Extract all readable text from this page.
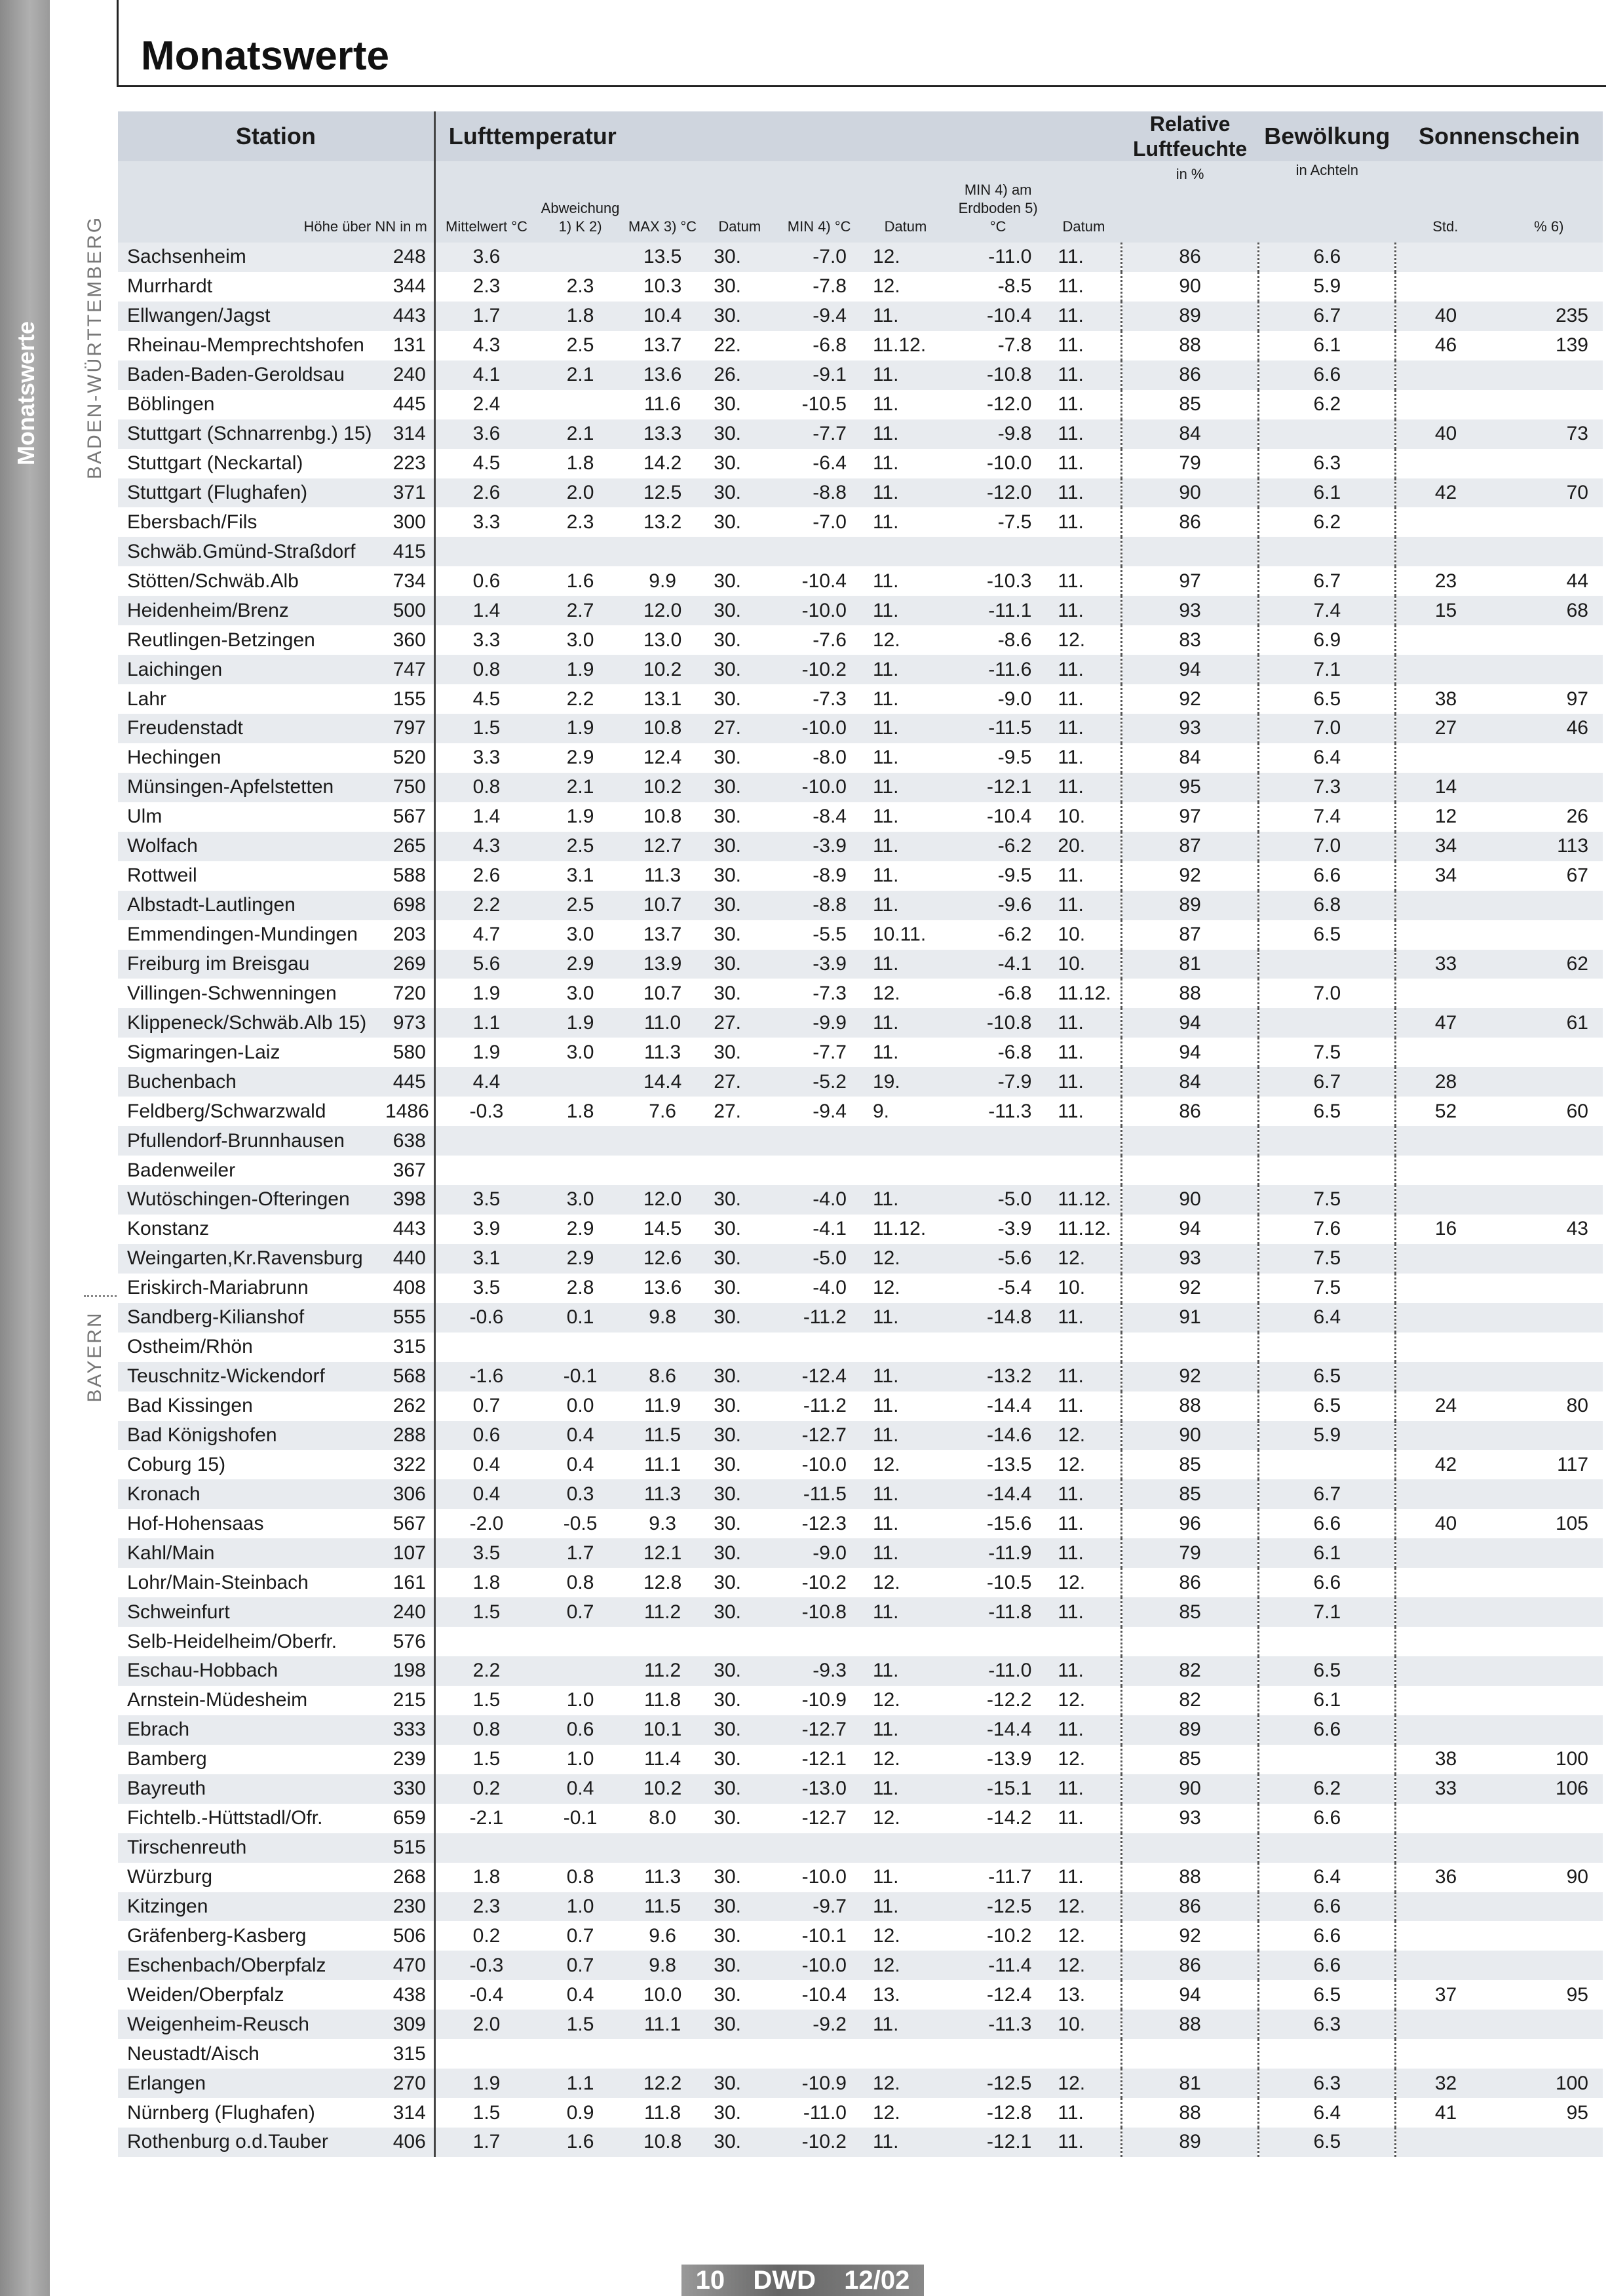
Monatswerte BADEN-WÜRTTEMBERG
BAYERN
Monatswerte
Station		Lufttemperatur								Relative Luftfeuchte	Bewölkung	Sonnenschein	
Höhe über NN in m		Mittelwert °C	Abweichung 1) K 2)	MAX 3) °C	Datum	MIN 4) °C	Datum	MIN 4) am Erdboden 5) °C	Datum	in %	in Achteln	Std.	% 6)
Sachsenheim	248	3.6		13.5	30.	-7.0	12.	-11.0	11.	86	6.6		
Murrhardt	344	2.3	2.3	10.3	30.	-7.8	12.	-8.5	11.	90	5.9		
Ellwangen/Jagst	443	1.7	1.8	10.4	30.	-9.4	11.	-10.4	11.	89	6.7	40	235
Rheinau-Memprechtshofen	131	4.3	2.5	13.7	22.	-6.8	11.12.	-7.8	11.	88	6.1	46	139
Baden-Baden-Geroldsau	240	4.1	2.1	13.6	26.	-9.1	11.	-10.8	11.	86	6.6		
Böblingen	445	2.4		11.6	30.	-10.5	11.	-12.0	11.	85	6.2		
Stuttgart (Schnarrenbg.) 15)	314	3.6	2.1	13.3	30.	-7.7	11.	-9.8	11.	84		40	73
Stuttgart (Neckartal)	223	4.5	1.8	14.2	30.	-6.4	11.	-10.0	11.	79	6.3		
Stuttgart (Flughafen)	371	2.6	2.0	12.5	30.	-8.8	11.	-12.0	11.	90	6.1	42	70
Ebersbach/Fils	300	3.3	2.3	13.2	30.	-7.0	11.	-7.5	11.	86	6.2		
Schwäb.Gmünd-Straßdorf	415												
Stötten/Schwäb.Alb	734	0.6	1.6	9.9	30.	-10.4	11.	-10.3	11.	97	6.7	23	44
Heidenheim/Brenz	500	1.4	2.7	12.0	30.	-10.0	11.	-11.1	11.	93	7.4	15	68
Reutlingen-Betzingen	360	3.3	3.0	13.0	30.	-7.6	12.	-8.6	12.	83	6.9		
Laichingen	747	0.8	1.9	10.2	30.	-10.2	11.	-11.6	11.	94	7.1		
Lahr	155	4.5	2.2	13.1	30.	-7.3	11.	-9.0	11.	92	6.5	38	97
Freudenstadt	797	1.5	1.9	10.8	27.	-10.0	11.	-11.5	11.	93	7.0	27	46
Hechingen	520	3.3	2.9	12.4	30.	-8.0	11.	-9.5	11.	84	6.4		
Münsingen-Apfelstetten	750	0.8	2.1	10.2	30.	-10.0	11.	-12.1	11.	95	7.3	14	
Ulm	567	1.4	1.9	10.8	30.	-8.4	11.	-10.4	10.	97	7.4	12	26
Wolfach	265	4.3	2.5	12.7	30.	-3.9	11.	-6.2	20.	87	7.0	34	113
Rottweil	588	2.6	3.1	11.3	30.	-8.9	11.	-9.5	11.	92	6.6	34	67
Albstadt-Lautlingen	698	2.2	2.5	10.7	30.	-8.8	11.	-9.6	11.	89	6.8		
Emmendingen-Mundingen	203	4.7	3.0	13.7	30.	-5.5	10.11.	-6.2	10.	87	6.5		
Freiburg im Breisgau	269	5.6	2.9	13.9	30.	-3.9	11.	-4.1	10.	81		33	62
Villingen-Schwenningen	720	1.9	3.0	10.7	30.	-7.3	12.	-6.8	11.12.	88	7.0		
Klippeneck/Schwäb.Alb 15)	973	1.1	1.9	11.0	27.	-9.9	11.	-10.8	11.	94		47	61
Sigmaringen-Laiz	580	1.9	3.0	11.3	30.	-7.7	11.	-6.8	11.	94	7.5		
Buchenbach	445	4.4		14.4	27.	-5.2	19.	-7.9	11.	84	6.7	28	
Feldberg/Schwarzwald	1486	-0.3	1.8	7.6	27.	-9.4	9.	-11.3	11.	86	6.5	52	60
Pfullendorf-Brunnhausen	638												
Badenweiler	367												
Wutöschingen-Ofteringen	398	3.5	3.0	12.0	30.	-4.0	11.	-5.0	11.12.	90	7.5		
Konstanz	443	3.9	2.9	14.5	30.	-4.1	11.12.	-3.9	11.12.	94	7.6	16	43
Weingarten,Kr.Ravensburg	440	3.1	2.9	12.6	30.	-5.0	12.	-5.6	12.	93	7.5		
Eriskirch-Mariabrunn	408	3.5	2.8	13.6	30.	-4.0	12.	-5.4	10.	92	7.5		
Sandberg-Kilianshof	555	-0.6	0.1	9.8	30.	-11.2	11.	-14.8	11.	91	6.4		
Ostheim/Rhön	315												
Teuschnitz-Wickendorf	568	-1.6	-0.1	8.6	30.	-12.4	11.	-13.2	11.	92	6.5		
Bad Kissingen	262	0.7	0.0	11.9	30.	-11.2	11.	-14.4	11.	88	6.5	24	80
Bad Königshofen	288	0.6	0.4	11.5	30.	-12.7	11.	-14.6	12.	90	5.9		
Coburg 15)	322	0.4	0.4	11.1	30.	-10.0	12.	-13.5	12.	85		42	117
Kronach	306	0.4	0.3	11.3	30.	-11.5	11.	-14.4	11.	85	6.7		
Hof-Hohensaas	567	-2.0	-0.5	9.3	30.	-12.3	11.	-15.6	11.	96	6.6	40	105
Kahl/Main	107	3.5	1.7	12.1	30.	-9.0	11.	-11.9	11.	79	6.1		
Lohr/Main-Steinbach	161	1.8	0.8	12.8	30.	-10.2	12.	-10.5	12.	86	6.6		
Schweinfurt	240	1.5	0.7	11.2	30.	-10.8	11.	-11.8	11.	85	7.1		
Selb-Heidelheim/Oberfr.	576												
Eschau-Hobbach	198	2.2		11.2	30.	-9.3	11.	-11.0	11.	82	6.5		
Arnstein-Müdesheim	215	1.5	1.0	11.8	30.	-10.9	12.	-12.2	12.	82	6.1		
Ebrach	333	0.8	0.6	10.1	30.	-12.7	11.	-14.4	11.	89	6.6		
Bamberg	239	1.5	1.0	11.4	30.	-12.1	12.	-13.9	12.	85		38	100
Bayreuth	330	0.2	0.4	10.2	30.	-13.0	11.	-15.1	11.	90	6.2	33	106
Fichtelb.-Hüttstadl/Ofr.	659	-2.1	-0.1	8.0	30.	-12.7	12.	-14.2	11.	93	6.6		
Tirschenreuth	515												
Würzburg	268	1.8	0.8	11.3	30.	-10.0	11.	-11.7	11.	88	6.4	36	90
Kitzingen	230	2.3	1.0	11.5	30.	-9.7	11.	-12.5	12.	86	6.6		
Gräfenberg-Kasberg	506	0.2	0.7	9.6	30.	-10.1	12.	-10.2	12.	92	6.6		
Eschenbach/Oberpfalz	470	-0.3	0.7	9.8	30.	-10.0	12.	-11.4	12.	86	6.6		
Weiden/Oberpfalz	438	-0.4	0.4	10.0	30.	-10.4	13.	-12.4	13.	94	6.5	37	95
Weigenheim-Reusch	309	2.0	1.5	11.1	30.	-9.2	11.	-11.3	10.	88	6.3		
Neustadt/Aisch	315												
Erlangen	270	1.9	1.1	12.2	30.	-10.9	12.	-12.5	12.	81	6.3	32	100
Nürnberg (Flughafen)	314	1.5	0.9	11.8	30.	-11.0	12.	-12.8	11.	88	6.4	41	95
Rothenburg o.d.Tauber	406	1.7	1.6	10.8	30.	-10.2	11.	-12.1	11.	89	6.5		
10 DWD 12/02
